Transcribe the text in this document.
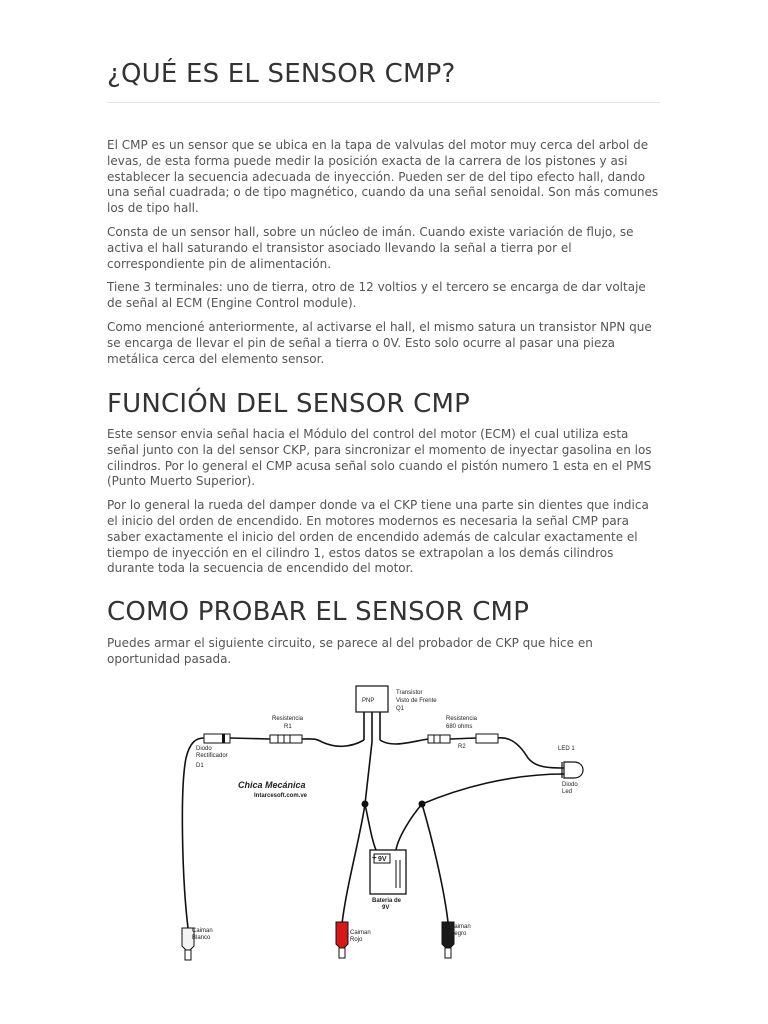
¿QUÉ ES EL SENSOR CMP?

El CMP es un sensor que se ubica en la tapa de valvulas del motor muy cerca del arbol de levas, de esta forma puede medir la posición exacta de la carrera de los pistones y asi establecer la secuencia adecuada de inyección. Pueden ser de del tipo efecto hall, dando una señal cuadrada; o de tipo magnético, cuando da una señal senoidal. Son más comunes los de tipo hall.

Consta de un sensor hall, sobre un núcleo de imán. Cuando existe variación de flujo, se activa el hall saturando el transistor asociado llevando la señal a tierra por el correspondiente pin de alimentación.

Tiene 3 terminales: uno de tierra, otro de 12 voltios y el tercero se encarga de dar voltaje de señal al ECM (Engine Control module).

Como mencioné anteriormente, al activarse el hall, el mismo satura un transistor NPN que se encarga de llevar el pin de señal a tierra o 0V. Esto solo ocurre al pasar una pieza metálica cerca del elemento sensor.

FUNCIÓN DEL SENSOR CMP

Este sensor envia señal hacia el Módulo del control del motor (ECM) el cual utiliza esta señal junto con la del sensor CKP, para sincronizar el momento de inyectar gasolina en los cilindros. Por lo general el CMP acusa señal solo cuando el pistón numero 1 esta en el PMS (Punto Muerto Superior).

Por lo general la rueda del damper donde va el CKP tiene una parte sin dientes que indica el inicio del orden de encendido. En motores modernos es necesaria la señal CMP para saber exactamente el inicio del orden de encendido además de calcular exactamente el tiempo de inyección en el cilindro 1, estos datos se extrapolan a los demás cilindros durante toda la secuencia de encendido del motor.

COMO PROBAR EL SENSOR CMP

Puedes armar el siguiente circuito, se parece al del probador de CKP que hice en oportunidad pasada.

PNP
Transistor
Visto de Frente
Q1
Diodo
Rectificador
D1
Resistencia
R1
Resistencia
680 ohms
R2	LED 1
Diodo
Led
Chica Mecánica
Intarcesoft.com.ve
+ 9V
Bateria de
9V
Caiman
Blanco
Caiman
Rojo
Caiman
Negro
